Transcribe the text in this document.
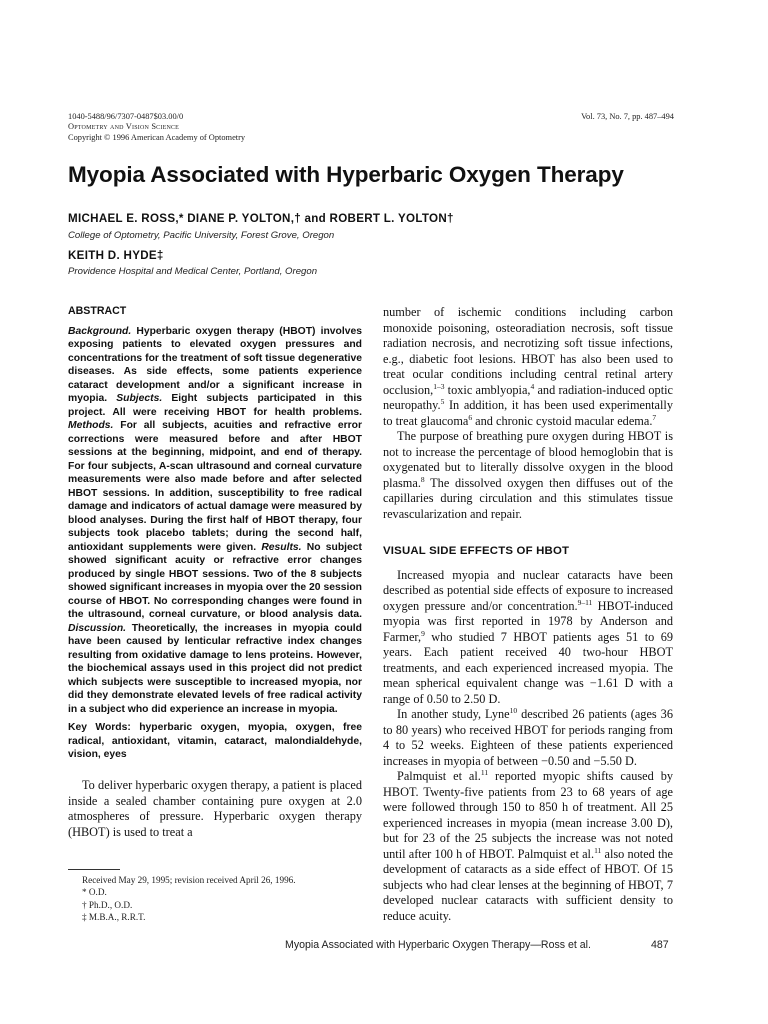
1040-5488/96/7307-0487$03.00/0
Optometry and Vision Science
Copyright © 1996 American Academy of Optometry
Vol. 73, No. 7, pp. 487–494
Myopia Associated with Hyperbaric Oxygen Therapy
MICHAEL E. ROSS,* DIANE P. YOLTON,† and ROBERT L. YOLTON†
College of Optometry, Pacific University, Forest Grove, Oregon
KEITH D. HYDE‡
Providence Hospital and Medical Center, Portland, Oregon
ABSTRACT

Background. Hyperbaric oxygen therapy (HBOT) involves exposing patients to elevated oxygen pressures and concentrations for the treatment of soft tissue degenerative diseases. As side effects, some patients experience cataract development and/or a significant increase in myopia. Subjects. Eight subjects participated in this project. All were receiving HBOT for health problems. Methods. For all subjects, acuities and refractive error corrections were measured before and after HBOT sessions at the beginning, midpoint, and end of therapy. For four subjects, A-scan ultrasound and corneal curvature measurements were also made before and after selected HBOT sessions. In addition, susceptibility to free radical damage and indicators of actual damage were measured by blood analyses. During the first half of HBOT therapy, four subjects took placebo tablets; during the second half, antioxidant supplements were given. Results. No subject showed significant acuity or refractive error changes produced by single HBOT sessions. Two of the 8 subjects showed significant increases in myopia over the 20 session course of HBOT. No corresponding changes were found in the ultrasound, corneal curvature, or blood analysis data. Discussion. Theoretically, the increases in myopia could have been caused by lenticular refractive index changes resulting from oxidative damage to lens proteins. However, the biochemical assays used in this project did not predict which subjects were susceptible to increased myopia, nor did they demonstrate elevated levels of free radical activity in a subject who did experience an increase in myopia.

Key Words: hyperbaric oxygen, myopia, oxygen, free radical, antioxidant, vitamin, cataract, malondialdehyde, vision, eyes

To deliver hyperbaric oxygen therapy, a patient is placed inside a sealed chamber containing pure oxygen at 2.0 atmospheres of pressure. Hyperbaric oxygen therapy (HBOT) is used to treat a

Received May 29, 1995; revision received April 26, 1996.
* O.D.
† Ph.D., O.D.
‡ M.B.A., R.R.T.

number of ischemic conditions including carbon monoxide poisoning, osteoradiation necrosis, soft tissue radiation necrosis, and necrotizing soft tissue infections, e.g., diabetic foot lesions. HBOT has also been used to treat ocular conditions including central retinal artery occlusion,$^{1-3}$ toxic amblyopia,$^4$ and radiation-induced optic neuropathy.$^5$ In addition, it has been used experimentally to treat glaucoma$^6$ and chronic cystoid macular edema.$^7$

The purpose of breathing pure oxygen during HBOT is not to increase the percentage of blood hemoglobin that is oxygenated but to literally dissolve oxygen in the blood plasma.$^8$ The dissolved oxygen then diffuses out of the capillaries during circulation and this stimulates tissue revascularization and repair.

VISUAL SIDE EFFECTS OF HBOT

Increased myopia and nuclear cataracts have been described as potential side effects of exposure to increased oxygen pressure and/or concentration.$^{9-11}$ HBOT-induced myopia was first reported in 1978 by Anderson and Farmer,$^9$ who studied 7 HBOT patients ages 51 to 69 years. Each patient received 40 two-hour HBOT treatments, and each experienced increased myopia. The mean spherical equivalent change was −1.61 D with a range of 0.50 to 2.50 D.

In another study, Lyne$^{10}$ described 26 patients (ages 36 to 80 years) who received HBOT for periods ranging from 4 to 52 weeks. Eighteen of these patients experienced increases in myopia of between −0.50 and −5.50 D.

Palmquist et al.$^{11}$ reported myopic shifts caused by HBOT. Twenty-five patients from 23 to 68 years of age were followed through 150 to 850 h of treatment. All 25 experienced increases in myopia (mean increase 3.00 D), but for 23 of the 25 subjects the increase was not noted until after 100 h of HBOT. Palmquist et al.$^{11}$ also noted the development of cataracts as a side effect of HBOT. Of 15 subjects who had clear lenses at the beginning of HBOT, 7 developed nuclear cataracts with sufficient density to reduce acuity.

Myopia Associated with Hyperbaric Oxygen Therapy—Ross et al.	487
